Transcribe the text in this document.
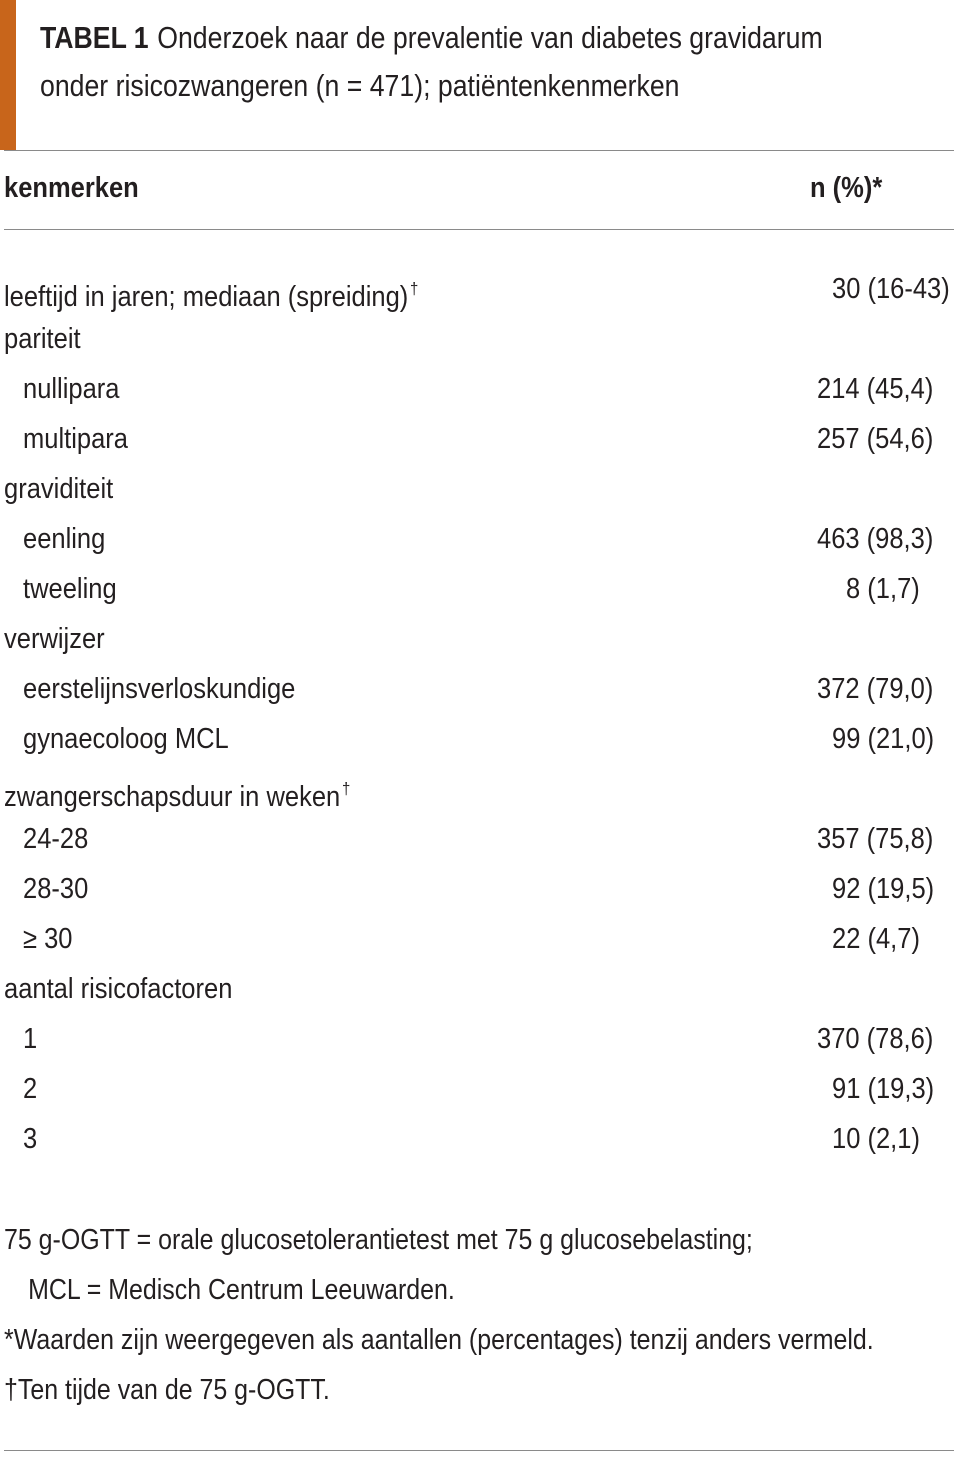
TABEL 1 Onderzoek naar de prevalentie van diabetes gravidarum
onder risicozwangeren (n = 471); patiëntenkenmerken
kenmerken	n (%)*
leeftijd in jaren; mediaan (spreiding) †	30 (16-43)
pariteit
nullipara	214 (45,4)
multipara	257 (54,6)
graviditeit
eenling	463 (98,3)
tweeling	8 (1,7)
verwijzer
eerstelijnsverloskundige	372 (79,0)
gynaecoloog MCL	99 (21,0)
zwangerschapsduur in weken †
24-28	357 (75,8)
28-30	92 (19,5)
≥ 30	22 (4,7)
aantal risicofactoren
1	370 (78,6)
2	91 (19,3)
3	10 (2,1)
75 g-OGTT = orale glucosetolerantietest met 75 g glucosebelasting;
MCL = Medisch Centrum Leeuwarden.
*Waarden zijn weergegeven als aantallen (percentages) tenzij anders vermeld.
†Ten tijde van de 75 g-OGTT.
